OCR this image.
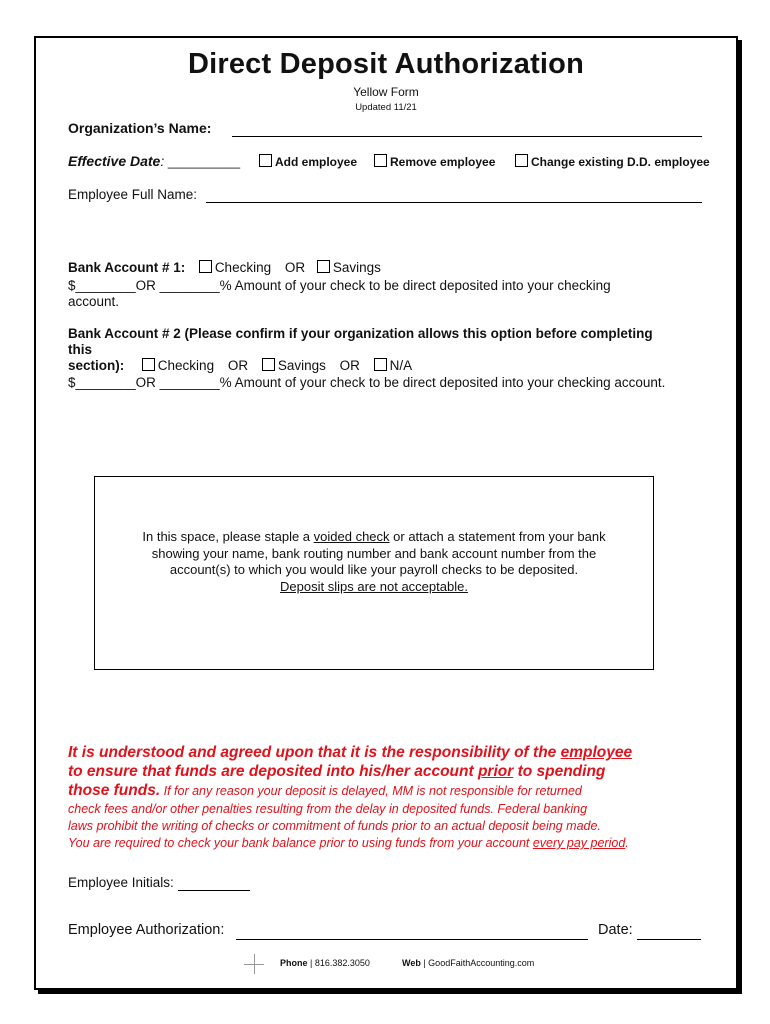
Direct Deposit Authorization
Yellow Form
Updated 11/21
Organization’s Name:
Effective Date: __________	Add employee	Remove employee	Change existing D.D. employee
Employee Full Name:
Bank Account # 1: Checking OR Savings
$________OR ________% Amount of your check to be direct deposited into your checking
account.
Bank Account # 2 (Please confirm if your organization allows this option before completing
this
section): Checking OR Savings OR N/A
$________OR ________% Amount of your check to be direct deposited into your checking account.
In this space, please staple a voided check or attach a statement from your bank
showing your name, bank routing number and bank account number from the
account(s) to which you would like your payroll checks to be deposited.
Deposit slips are not acceptable.
It is understood and agreed upon that it is the responsibility of the employee
to ensure that funds are deposited into his/her account prior to spending
those funds. If for any reason your deposit is delayed, MM is not responsible for returned
check fees and/or other penalties resulting from the delay in deposited funds. Federal banking
laws prohibit the writing of checks or commitment of funds prior to an actual deposit being made.
You are required to check your bank balance prior to using funds from your account every pay period.
Employee Initials:
Employee Authorization:	Date:
Phone | 816.382.3050	Web | GoodFaithAccounting.com
